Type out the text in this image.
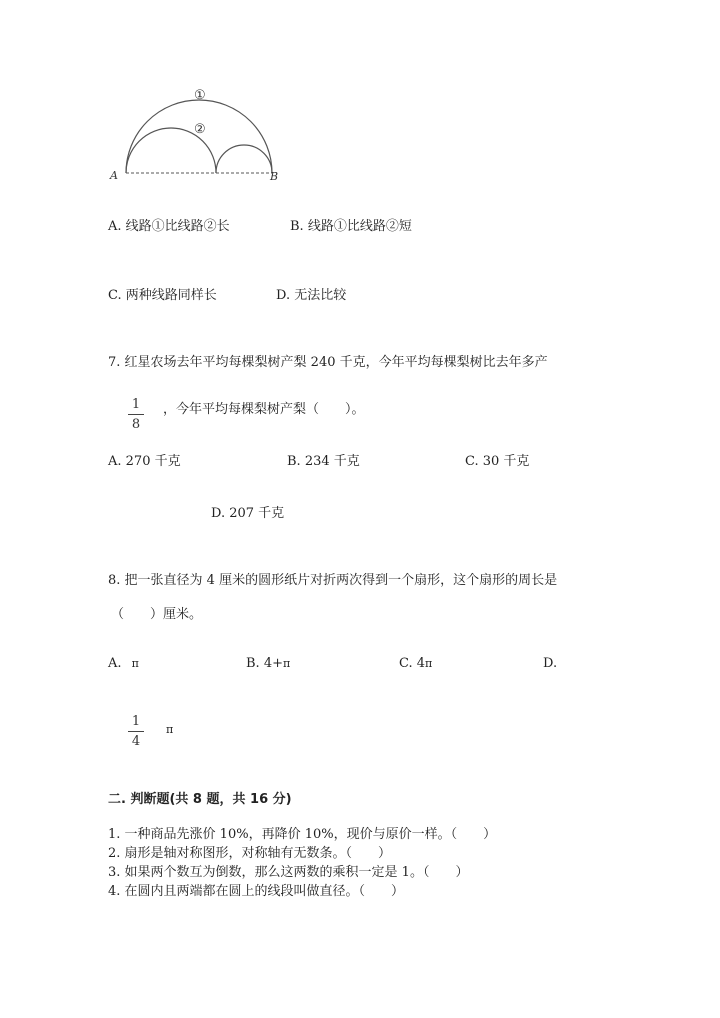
①
②
A	B
A. 线路①比线路②长	B. 线路①比线路②短
C. 两种线路同样长	D. 无法比较
7. 红星农场去年平均每棵梨树产梨 240 千克，今年平均每棵梨树比去年多产
1
8
，今年平均每棵梨树产梨（　　）。
A. 270 千克	B. 234 千克	C. 30 千克
D. 207 千克
8. 把一张直径为 4 厘米的圆形纸片对折两次得到一个扇形，这个扇形的周长是
（　　）厘米。
A. π	B. 4+π	C. 4π	D.
1
4
π
二. 判断题(共 8 题，共 16 分)
1. 一种商品先涨价 10%，再降价 10%，现价与原价一样。（　　）
2. 扇形是轴对称图形，对称轴有无数条。（　　）
3. 如果两个数互为倒数，那么这两数的乘积一定是 1。（　　）
4. 在圆内且两端都在圆上的线段叫做直径。（　　）
